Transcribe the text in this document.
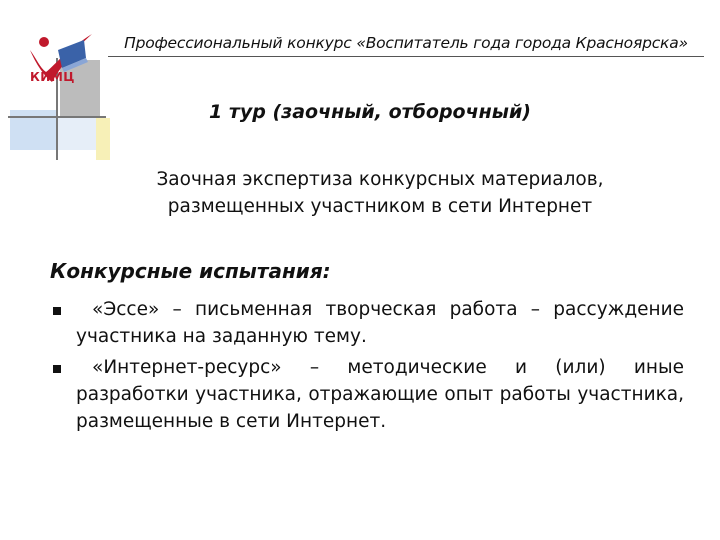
КИМЦ
Профессиональный конкурс «Воспитатель года города Красноярска»
1 тур (заочный, отборочный)
Заочная экспертиза конкурсных материалов,
размещенных участником в сети Интернет
Конкурсные испытания:
«Эссе» – письменная творческая работа – рассуждение участника на заданную тему.
«Интернет-ресурс» – методические и (или) иные разработки участника, отражающие опыт работы участника, размещенные в сети Интернет.
